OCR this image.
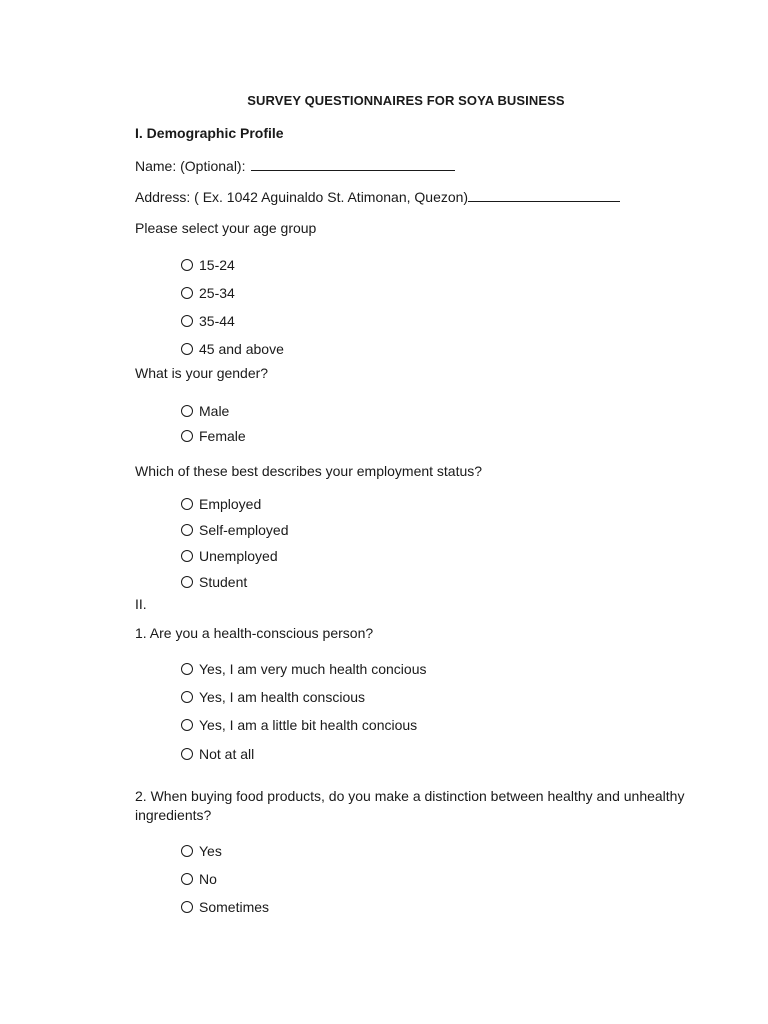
SURVEY QUESTIONNAIRES FOR SOYA BUSINESS
I. Demographic Profile
Name: (Optional):
Address: ( Ex. 1042 Aguinaldo St. Atimonan, Quezon)
Please select your age group
15-24
25-34
35-44
45 and above
What is your gender?
Male
Female
Which of these best describes your employment status?
Employed
Self-employed
Unemployed
Student
II.
1. Are you a health-conscious person?
Yes, I am very much health concious
Yes, I am health conscious
Yes, I am a little bit health concious
Not at all
2. When buying food products, do you make a distinction between healthy and unhealthy ingredients?
Yes
No
Sometimes
